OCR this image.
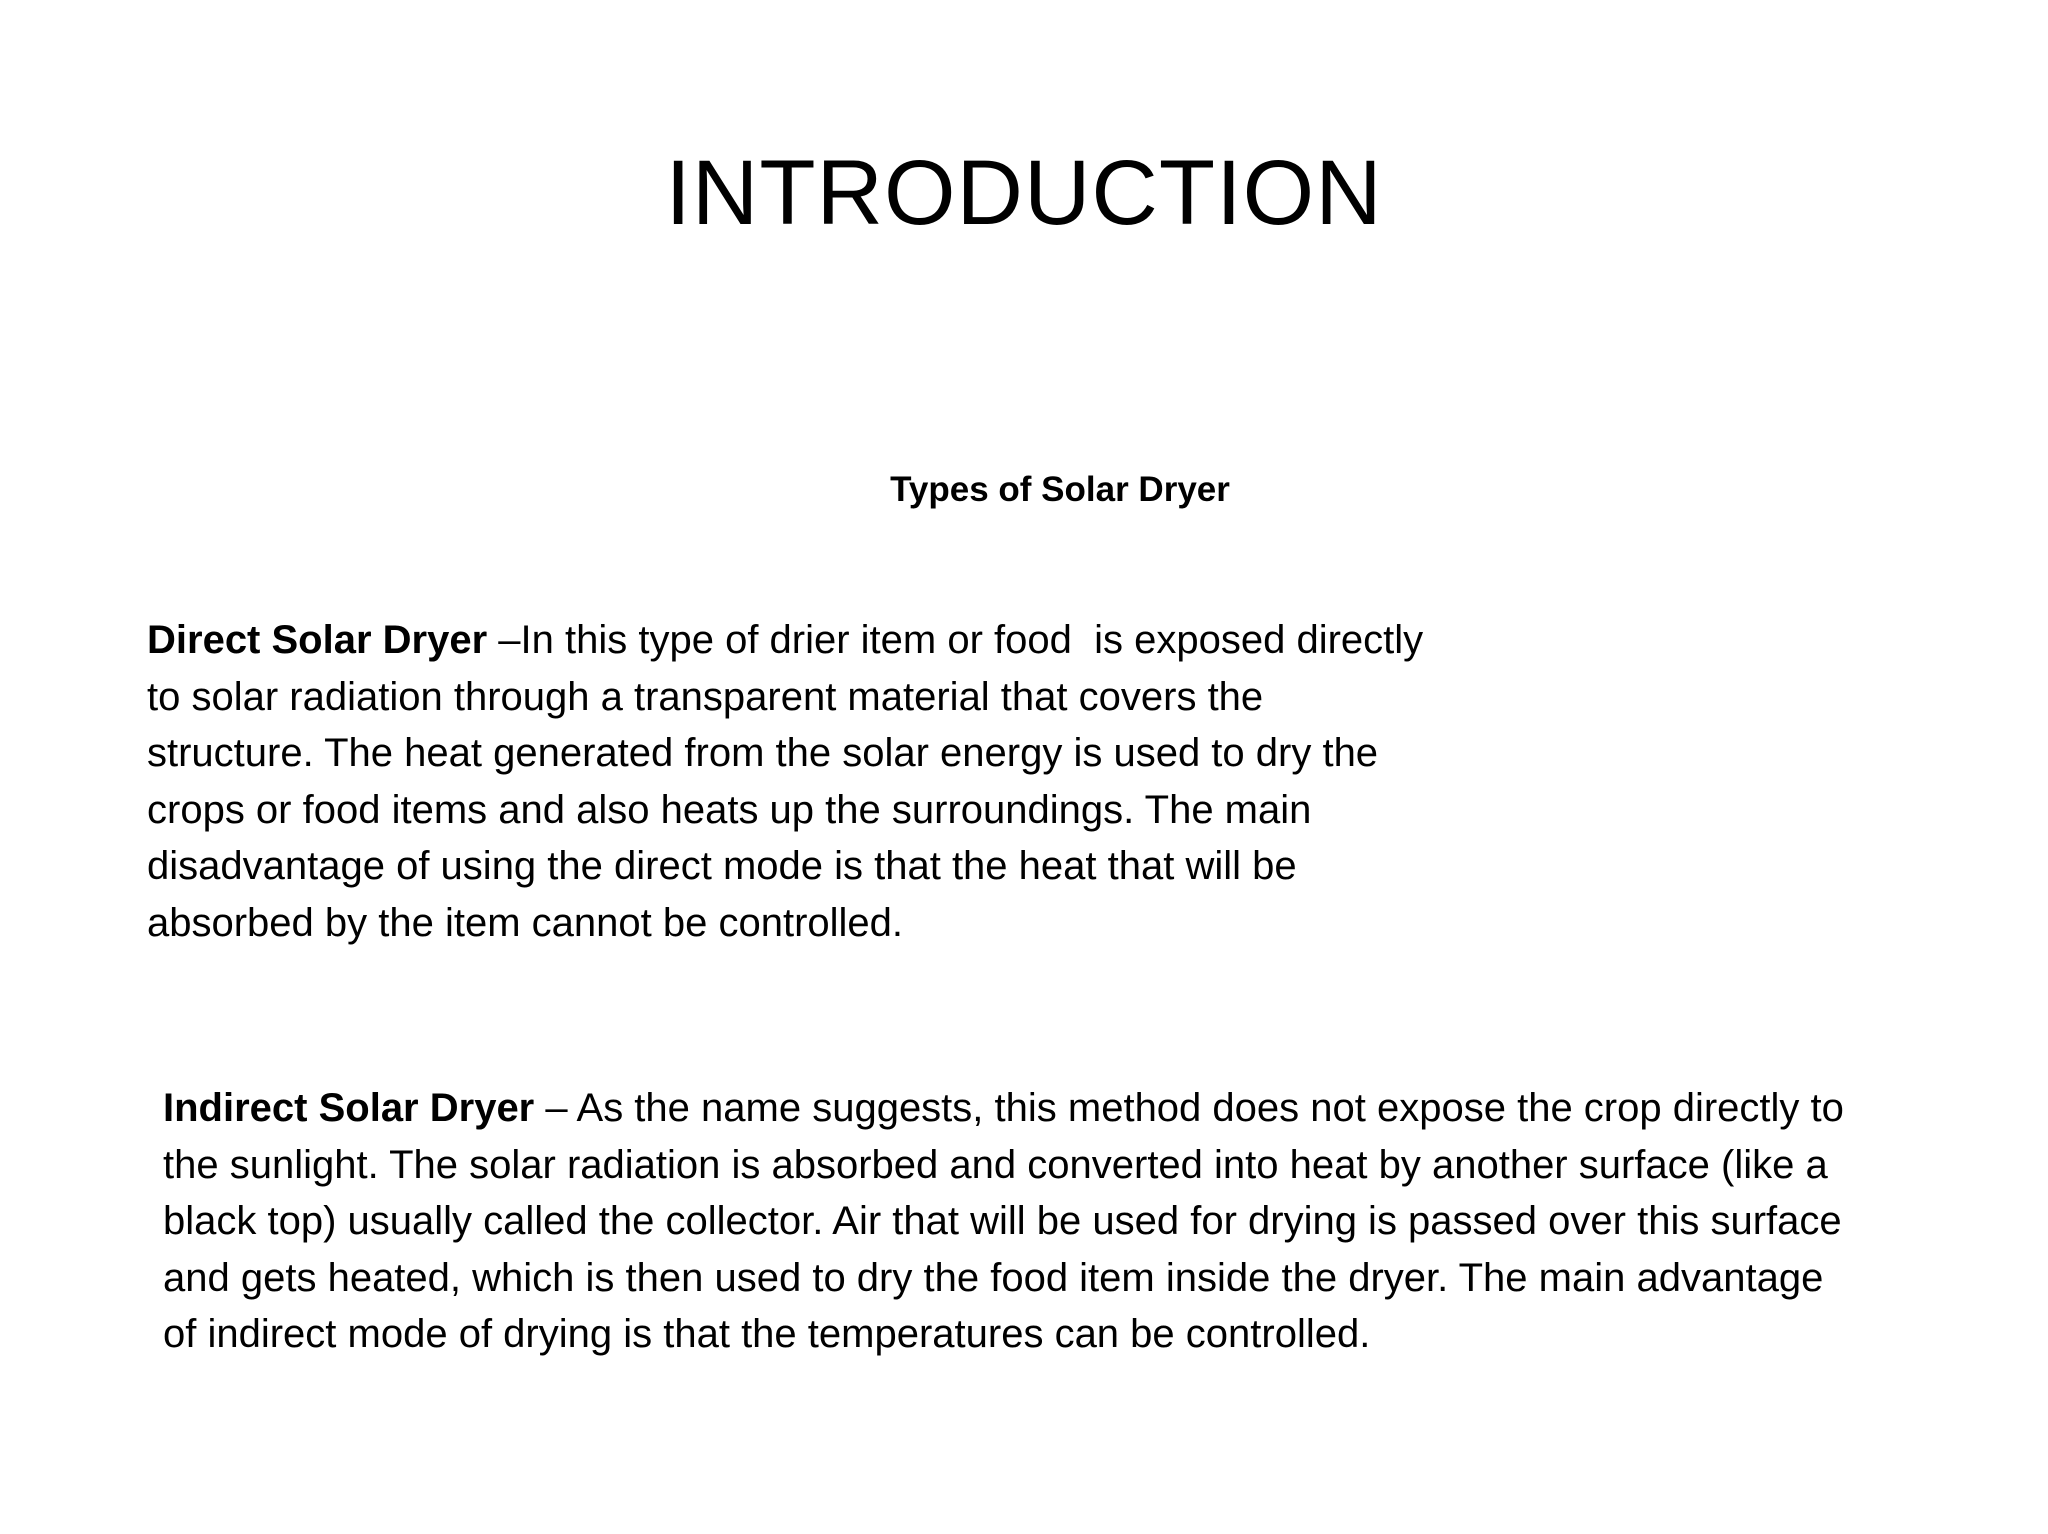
INTRODUCTION
Types of Solar Dryer
Direct Solar Dryer –In this type of drier item or food  is exposed directly
to solar radiation through a transparent material that covers the
structure. The heat generated from the solar energy is used to dry the
crops or food items and also heats up the surroundings. The main
disadvantage of using the direct mode is that the heat that will be
absorbed by the item cannot be controlled.
Indirect Solar Dryer – As the name suggests, this method does not expose the crop directly to
the sunlight. The solar radiation is absorbed and converted into heat by another surface (like a
black top) usually called the collector. Air that will be used for drying is passed over this surface
and gets heated, which is then used to dry the food item inside the dryer. The main advantage
of indirect mode of drying is that the temperatures can be controlled.
